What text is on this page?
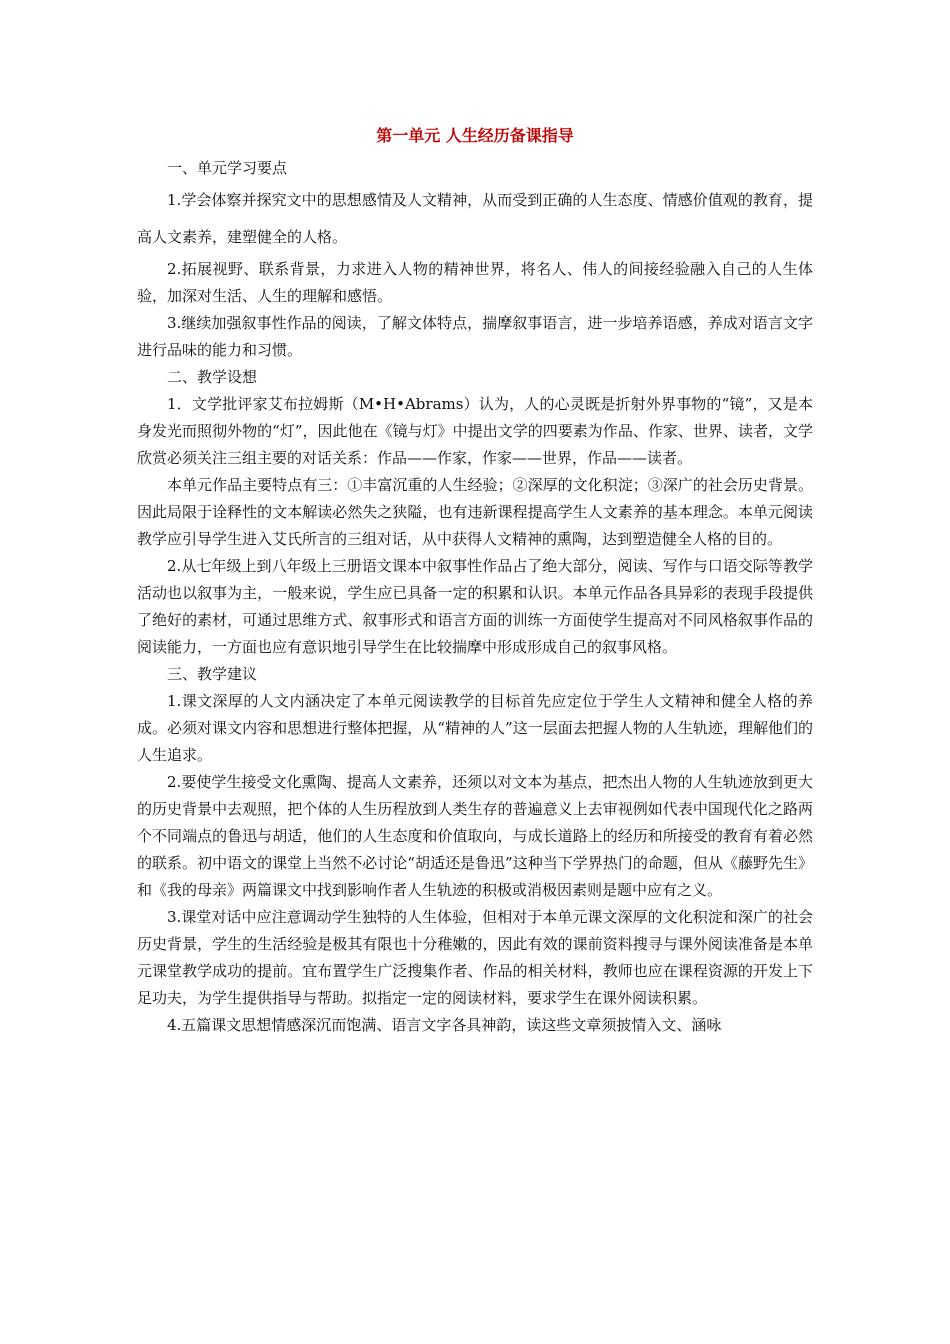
第一单元 人生经历备课指导

一、单元学习要点

1.学会体察并探究文中的思想感情及人文精神，从而受到正确的人生态度、情感价值观的教育，提高人文素养，建塑健全的人格。

2.拓展视野、联系背景，力求进入人物的精神世界，将名人、伟人的间接经验融入自己的人生体验，加深对生活、人生的理解和感悟。

3.继续加强叙事性作品的阅读，了解文体特点，揣摩叙事语言，进一步培养语感，养成对语言文字进行品味的能力和习惯。

二、教学设想

1．文学批评家艾布拉姆斯（M•H•Abrams）认为，人的心灵既是折射外界事物的“镜”，又是本身发光而照彻外物的“灯”，因此他在《镜与灯》中提出文学的四要素为作品、作家、世界、读者，文学欣赏必须关注三组主要的对话关系：作品——作家，作家——世界，作品——读者。

本单元作品主要特点有三：①丰富沉重的人生经验；②深厚的文化积淀；③深广的社会历史背景。因此局限于诠释性的文本解读必然失之狭隘，也有违新课程提高学生人文素养的基本理念。本单元阅读教学应引导学生进入艾氏所言的三组对话，从中获得人文精神的熏陶，达到塑造健全人格的目的。

2.从七年级上到八年级上三册语文课本中叙事性作品占了绝大部分，阅读、写作与口语交际等教学活动也以叙事为主，一般来说，学生应已具备一定的积累和认识。本单元作品各具异彩的表现手段提供了绝好的素材，可通过思维方式、叙事形式和语言方面的训练一方面使学生提高对不同风格叙事作品的阅读能力，一方面也应有意识地引导学生在比较揣摩中形成形成自己的叙事风格。

三、教学建议

1.课文深厚的人文内涵决定了本单元阅读教学的目标首先应定位于学生人文精神和健全人格的养成。必须对课文内容和思想进行整体把握，从“精神的人”这一层面去把握人物的人生轨迹，理解他们的人生追求。

2.要使学生接受文化熏陶、提高人文素养，还须以对文本为基点，把杰出人物的人生轨迹放到更大的历史背景中去观照，把个体的人生历程放到人类生存的普遍意义上去审视例如代表中国现代化之路两个不同端点的鲁迅与胡适，他们的人生态度和价值取向，与成长道路上的经历和所接受的教育有着必然的联系。初中语文的课堂上当然不必讨论“胡适还是鲁迅”这种当下学界热门的命题，但从《藤野先生》和《我的母亲》两篇课文中找到影响作者人生轨迹的积极或消极因素则是题中应有之义。

3.课堂对话中应注意调动学生独特的人生体验，但相对于本单元课文深厚的文化积淀和深广的社会历史背景，学生的生活经验是极其有限也十分稚嫩的，因此有效的课前资料搜寻与课外阅读准备是本单元课堂教学成功的提前。宜布置学生广泛搜集作者、作品的相关材料，教师也应在课程资源的开发上下足功夫，为学生提供指导与帮助。拟指定一定的阅读材料，要求学生在课外阅读积累。

4.五篇课文思想情感深沉而饱满、语言文字各具神韵，读这些文章须披情入文、涵咏
